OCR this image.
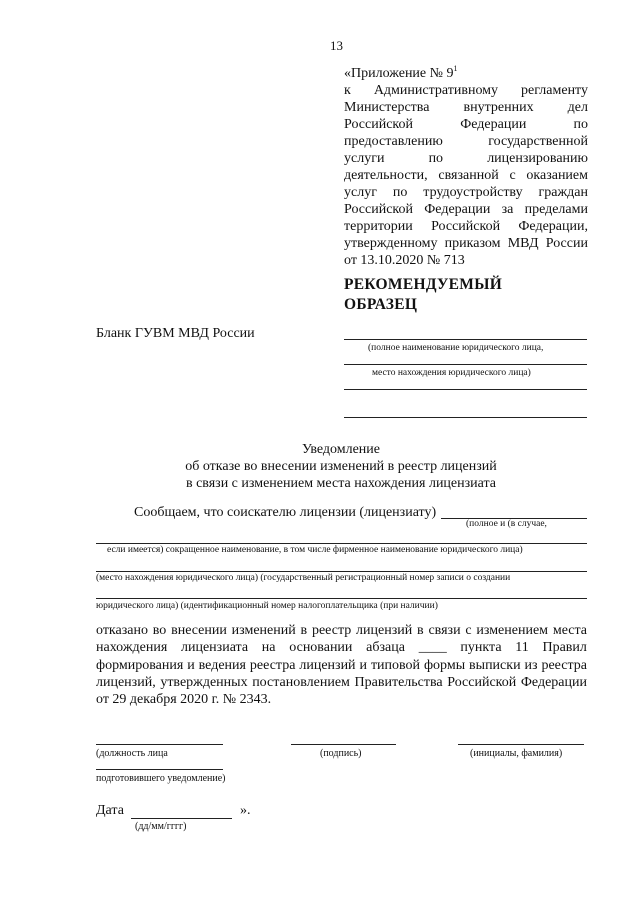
13
«Приложение № $9^1$
к Административному регламенту
Министерства внутренних дел
Российской	Федерации	по
предоставлению	государственной
услуги	по	лицензированию
деятельности, связанной с оказанием
услуг по трудоустройству граждан
Российской Федерации за пределами
территории Российской Федерации,
утвержденному приказом МВД России
от 13.10.2020 № 713
РЕКОМЕНДУЕМЫЙ
ОБРАЗЕЦ
Бланк ГУВМ МВД России
(полное наименование юридического лица,
место нахождения юридического лица)
Уведомление
об отказе во внесении изменений в реестр лицензий
в связи с изменением места нахождения лицензиата
Сообщаем, что соискателю лицензии (лицензиату)
(полное и (в случае,
если имеется) сокращенное наименование, в том числе фирменное наименование юридического лица)
(место нахождения юридического лица) (государственный регистрационный номер записи о создании
юридического лица) (идентификационный номер налогоплательщика (при наличии)
отказано во внесении изменений в реестр лицензий в связи с изменением места
нахождения лицензиата на основании абзаца ____ пункта 11 Правил
формирования и ведения реестра лицензий и типовой формы выписки из реестра
лицензий, утвержденных постановлением Правительства Российской Федерации
от 29 декабря 2020 г. № 2343.
(должность лица	(подпись)	(инициалы, фамилия)
подготовившего уведомление)
Дата	».
(дд/мм/гггг)
